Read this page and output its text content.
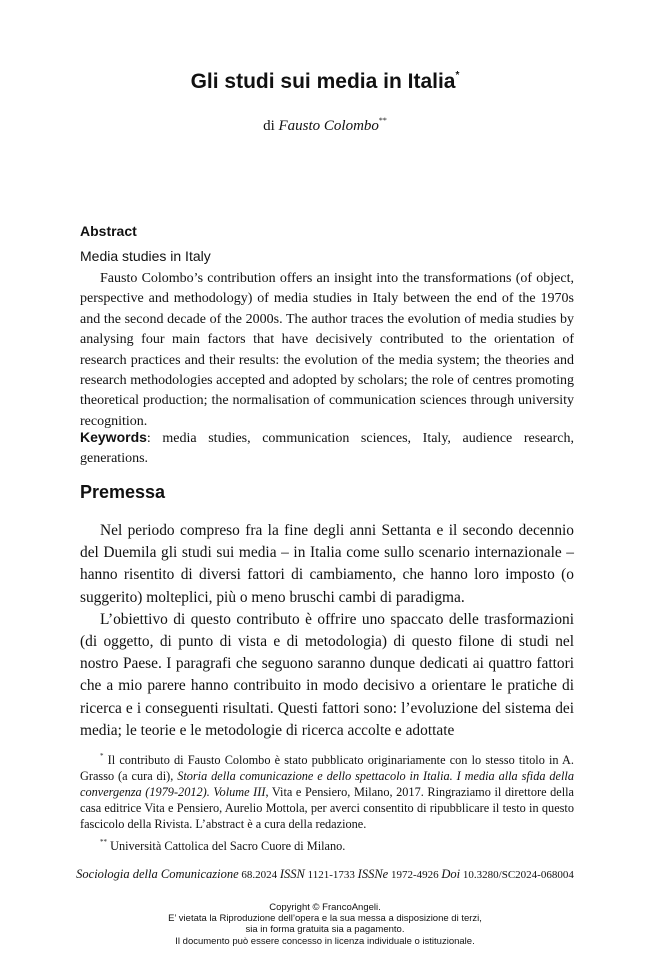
Gli studi sui media in Italia*
di Fausto Colombo**
Abstract
Media studies in Italy

Fausto Colombo’s contribution offers an insight into the transformations (of object, perspective and methodology) of media studies in Italy between the end of the 1970s and the second decade of the 2000s. The author traces the evolution of media studies by analysing four main factors that have decisively contributed to the orientation of research practices and their results: the evolution of the media system; the theories and research methodologies accepted and adopted by scholars; the role of centres promoting theoretical production; the normalisation of communication sciences through university recognition.

Keywords: media studies, communication sciences, Italy, audience research, generations.

Premessa

Nel periodo compreso fra la fine degli anni Settanta e il secondo decennio del Duemila gli studi sui media – in Italia come sullo scenario internazionale – hanno risentito di diversi fattori di cambiamento, che hanno loro imposto (o suggerito) molteplici, più o meno bruschi cambi di paradigma.

L’obiettivo di questo contributo è offrire uno spaccato delle trasformazioni (di oggetto, di punto di vista e di metodologia) di questo filone di studi nel nostro Paese. I paragrafi che seguono saranno dunque dedicati ai quattro fattori che a mio parere hanno contribuito in modo decisivo a orientare le pratiche di ricerca e i conseguenti risultati. Questi fattori sono: l’evoluzione del sistema dei media; le teorie e le metodologie di ricerca accolte e adottate

* Il contributo di Fausto Colombo è stato pubblicato originariamente con lo stesso titolo in A. Grasso (a cura di), Storia della comunicazione e dello spettacolo in Italia. I media alla sfida della convergenza (1979-2012). Volume III, Vita e Pensiero, Milano, 2017. Ringraziamo il direttore della casa editrice Vita e Pensiero, Aurelio Mottola, per averci consentito di ripubblicare il testo in questo fascicolo della Rivista. L’abstract è a cura della redazione.

** Università Cattolica del Sacro Cuore di Milano.

Sociologia della Comunicazione 68.2024 ISSN 1121-1733 ISSNe 1972-4926 Doi 10.3280/SC2024-068004
Copyright © FrancoAngeli.
E’ vietata la Riproduzione dell’opera e la sua messa a disposizione di terzi,
sia in forma gratuita sia a pagamento.
Il documento può essere concesso in licenza individuale o istituzionale.
